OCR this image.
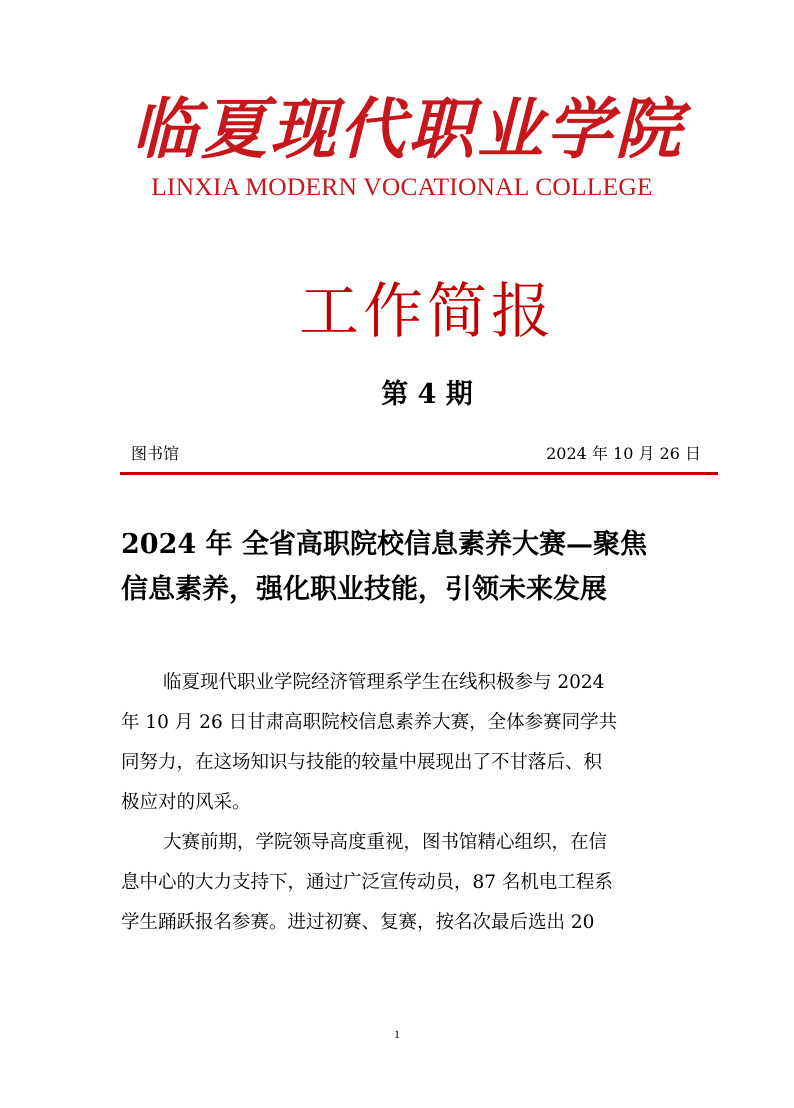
临夏现代职业学院
LINXIA MODERN VOCATIONAL COLLEGE
工作简报
第 4 期
图书馆	2024 年 10 月 26 日
2024 年 全省高职院校信息素养大赛—聚焦
信息素养，强化职业技能，引领未来发展
临夏现代职业学院经济管理系学生在线积极参与 2024
年 10 月 26 日甘肃高职院校信息素养大赛，全体参赛同学共
同努力，在这场知识与技能的较量中展现出了不甘落后、积
极应对的风采。
大赛前期，学院领导高度重视，图书馆精心组织，在信
息中心的大力支持下，通过广泛宣传动员，87 名机电工程系
学生踊跃报名参赛。进过初赛、复赛，按名次最后选出 20
1
